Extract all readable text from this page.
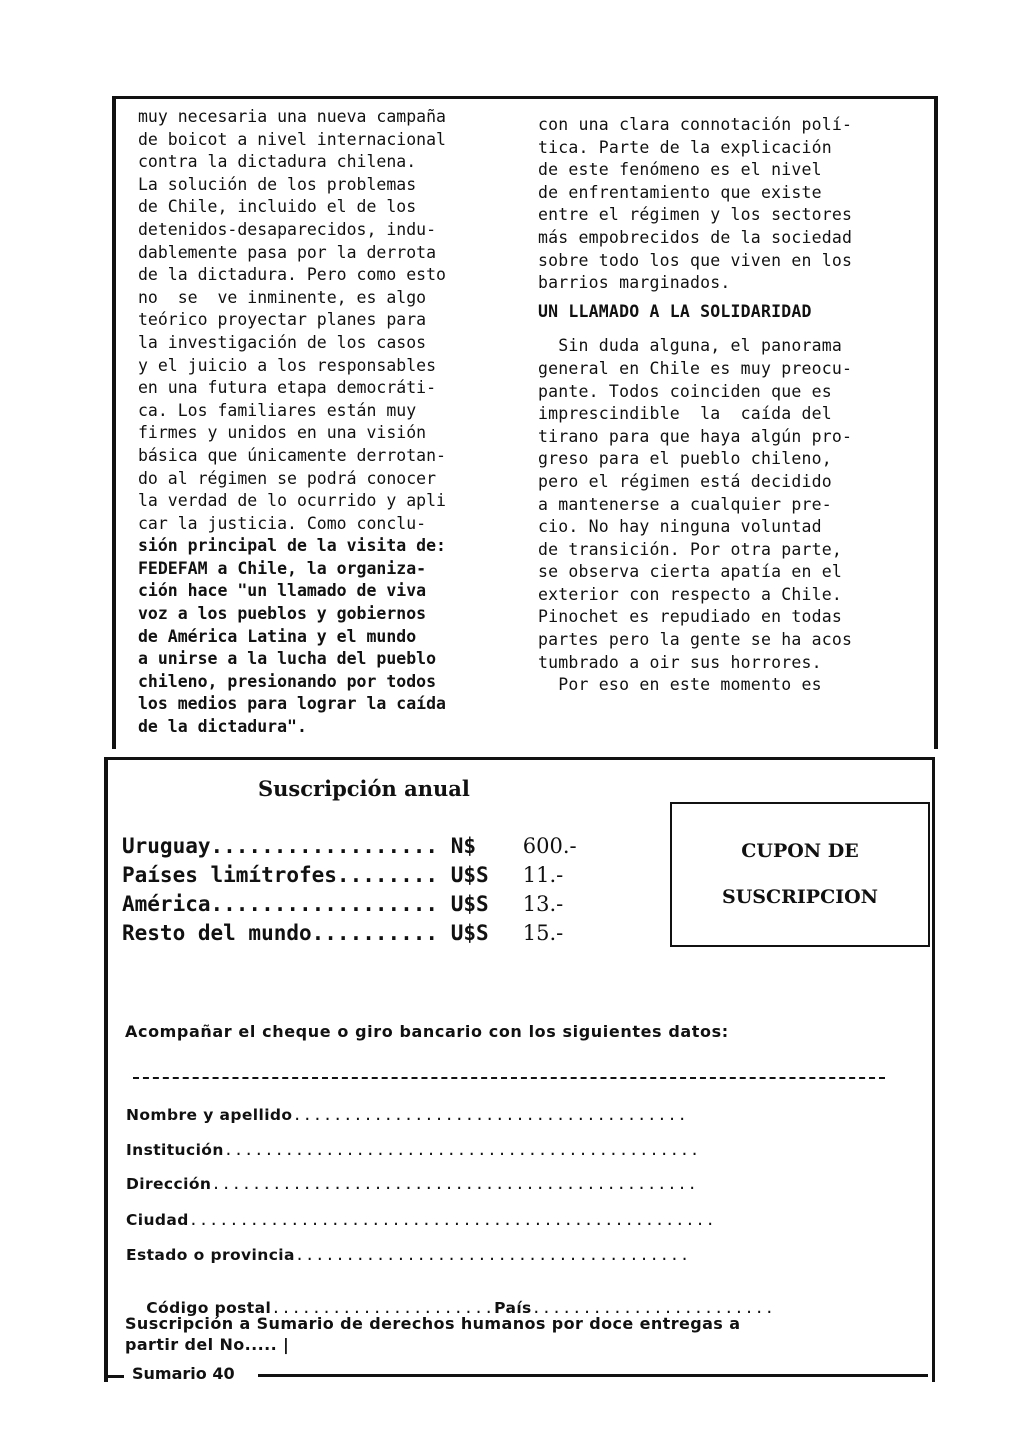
muy necesaria una nueva campaña

de boicot a nivel internacional

contra la dictadura chilena.

La solución de los problemas

de Chile, incluido el de los

detenidos-desaparecidos, indu-

dablemente pasa por la derrota

de la dictadura. Pero como esto

no  se  ve inminente, es algo

teórico proyectar planes para

la investigación de los casos

y el juicio a los responsables

en una futura etapa democráti-

ca. Los familiares están muy

firmes y unidos en una visión

básica que únicamente derrotan-

do al régimen se podrá conocer

la verdad de lo ocurrido y apli

car la justicia. Como conclu-

sión principal de la visita de:

FEDEFAM a Chile, la organiza-

ción hace "un llamado de viva

voz a los pueblos y gobiernos

de América Latina y el mundo

a unirse a la lucha del pueblo

chileno, presionando por todos

los medios para lograr la caída

de la dictadura".

con una clara connotación polí-

tica. Parte de la explicación

de este fenómeno es el nivel

de enfrentamiento que existe

entre el régimen y los sectores

más empobrecidos de la sociedad

sobre todo los que viven en los

barrios marginados.

UN LLAMADO A LA SOLIDARIDAD

Sin duda alguna, el panorama

general en Chile es muy preocu-

pante. Todos coinciden que es

imprescindible  la  caída del

tirano para que haya algún pro-

greso para el pueblo chileno,

pero el régimen está decidido

a mantenerse a cualquier pre-

cio. No hay ninguna voluntad

de transición. Por otra parte,

se observa cierta apatía en el

exterior con respecto a Chile.

Pinochet es repudiado en todas

partes pero la gente se ha acos

tumbrado a oir sus horrores.

Por eso en este momento es

Suscripción anual
Uruguay.................. N$ 600.-
Países limítrofes........ U$S 11.-
América.................. U$S 13.-
Resto del mundo.......... U$S 15.-
CUPON DE
SUSCRIPCION
Acompañar el cheque o giro bancario con los siguientes datos:
Nombre y apellido.......................................
Institución...............................................
Dirección................................................
Ciudad....................................................
Estado o provincia.......................................

Código postal......................País........................

Suscripción a Sumario de derechos humanos por doce entregas a
partir del No..... |
Sumario 40
